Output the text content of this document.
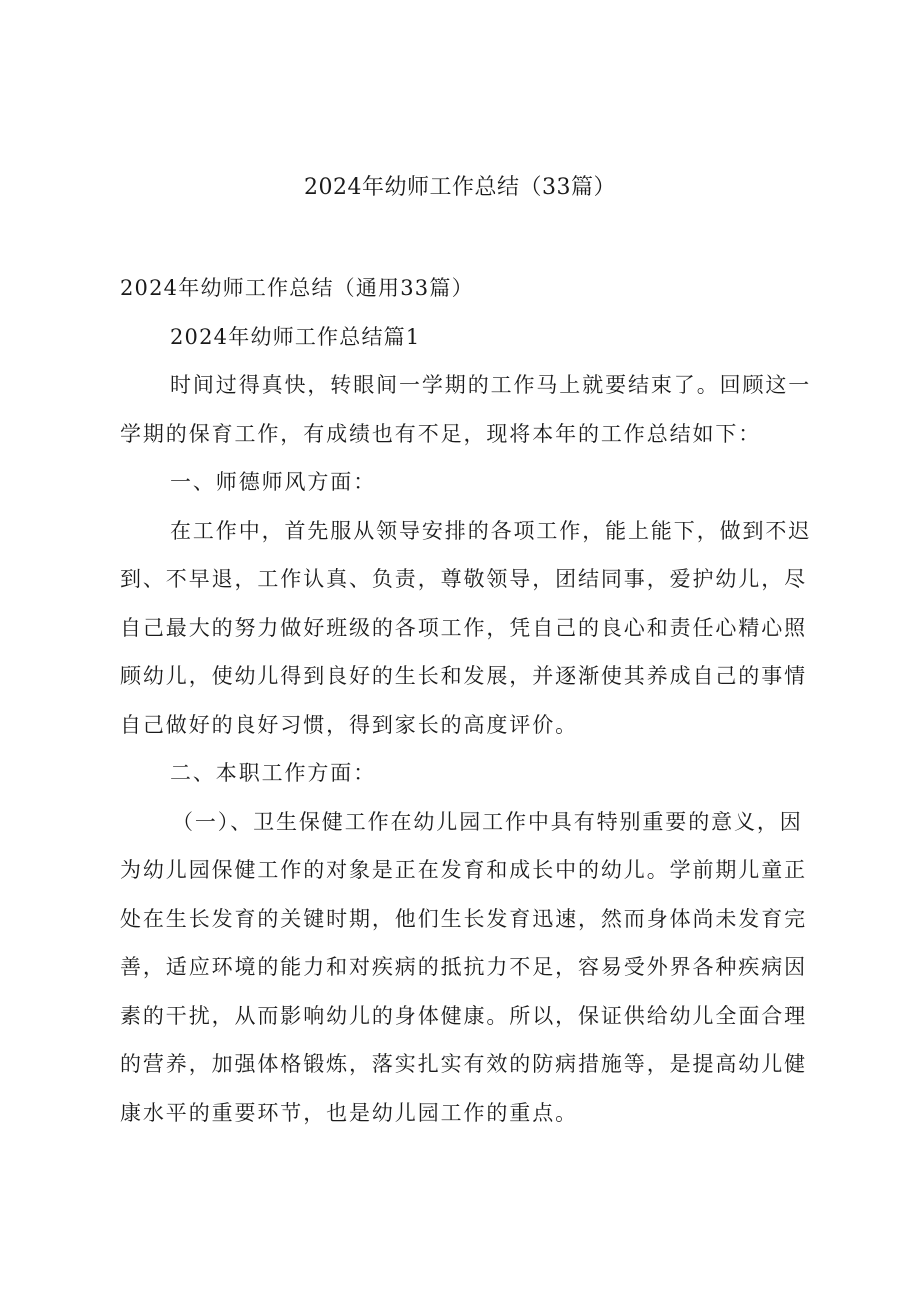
2024年幼师工作总结（33篇）
2024年幼师工作总结（通用33篇）
2024年幼师工作总结篇1
时间过得真快，转眼间一学期的工作马上就要结束了。回顾这一
学期的保育工作，有成绩也有不足，现将本年的工作总结如下：
一、师德师风方面：
在工作中，首先服从领导安排的各项工作，能上能下，做到不迟
到、不早退，工作认真、负责，尊敬领导，团结同事，爱护幼儿，尽
自己最大的努力做好班级的各项工作，凭自己的良心和责任心精心照
顾幼儿，使幼儿得到良好的生长和发展，并逐渐使其养成自己的事情
自己做好的良好习惯，得到家长的高度评价。
二、本职工作方面：
（一）、卫生保健工作在幼儿园工作中具有特别重要的意义，因
为幼儿园保健工作的对象是正在发育和成长中的幼儿。学前期儿童正
处在生长发育的关键时期，他们生长发育迅速，然而身体尚未发育完
善，适应环境的能力和对疾病的抵抗力不足，容易受外界各种疾病因
素的干扰，从而影响幼儿的身体健康。所以，保证供给幼儿全面合理
的营养，加强体格锻炼，落实扎实有效的防病措施等，是提高幼儿健
康水平的重要环节，也是幼儿园工作的重点。
